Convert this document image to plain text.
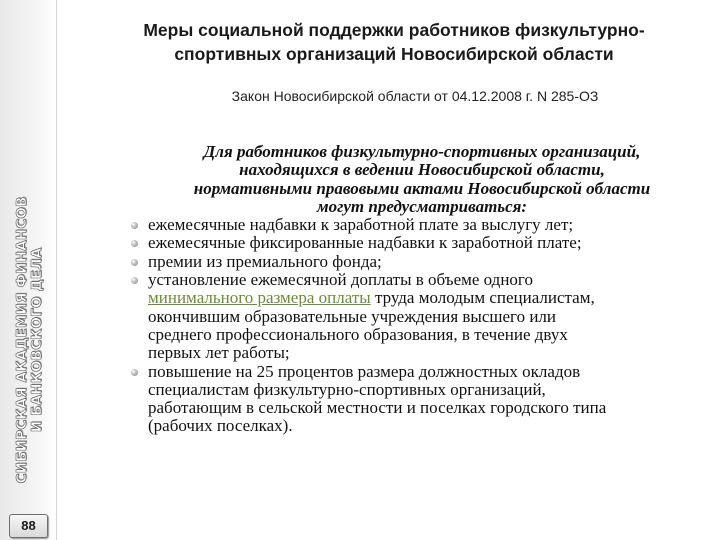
СИБИРСКАЯ АКАДЕМИЯ ФИНАНСОВ И БАНКОВСКОГО ДЕЛА
88
Меры социальной поддержки работников физкультурно-
спортивных организаций Новосибирской области
Закон Новосибирской области от 04.12.2008 г. N 285-ОЗ
Для работников физкультурно-спортивных организаций,
находящихся в ведении Новосибирской области,
нормативными правовыми актами Новосибирской области
могут предусматриваться:
ежемесячные надбавки к заработной плате за выслугу лет;
ежемесячные фиксированные надбавки к заработной плате;
премии из премиального фонда;
установление ежемесячной доплаты в объеме одного
минимального размера оплаты труда молодым специалистам,
окончившим образовательные учреждения высшего или
среднего профессионального образования, в течение двух
первых лет работы;
повышение на 25 процентов размера должностных окладов
специалистам физкультурно-спортивных организаций,
работающим в сельской местности и поселках городского типа
(рабочих поселках).
